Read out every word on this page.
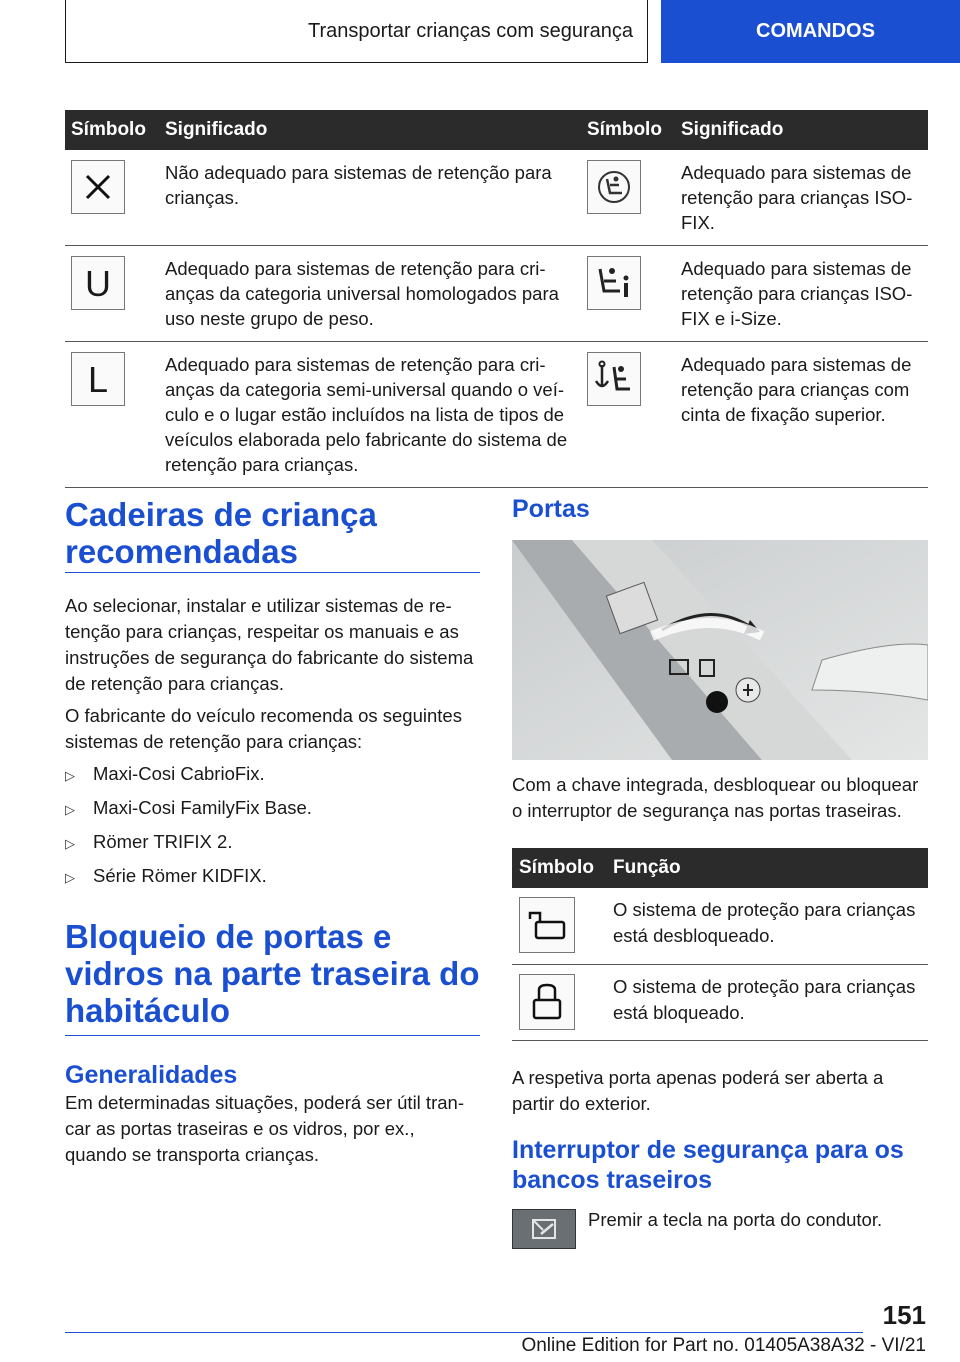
Transportar crianças com segurança	COMANDOS
Símbolo	Significado	Símbolo	Significado

	Não adequado para sistemas de retenção para crianças.		Adequado para sistemas de retenção para crianças ISOFIX.

U	Adequado para sistemas de retenção para crianças da categoria universal homologados para uso neste grupo de peso.		Adequado para sistemas de retenção para crianças ISOFIX e i-Size.

L	Adequado para sistemas de retenção para crianças da categoria semi-universal quando o veículo e o lugar estão incluídos na lista de tipos de veículos elaborada pelo fabricante do sistema de retenção para crianças.		Adequado para sistemas de retenção para crianças com cinta de fixação superior.
Cadeiras de criança recomendadas

Ao selecionar, instalar e utilizar sistemas de retenção para crianças, respeitar os manuais e as instruções de segurança do fabricante do sistema de retenção para crianças.

O fabricante do veículo recomenda os seguintes sistemas de retenção para crianças:

▷ Maxi-Cosi CabrioFix.
▷ Maxi-Cosi FamilyFix Base.
▷ Römer TRIFIX 2.
▷ Série Römer KIDFIX.
Bloqueio de portas e vidros na parte traseira do habitáculo
Generalidades

Em determinadas situações, poderá ser útil trancar as portas traseiras e os vidros, por ex., quando se transporta crianças.

Portas

Com a chave integrada, desbloquear ou bloquear o interruptor de segurança nas portas traseiras.

Símbolo	Função

	O sistema de proteção para crianças está desbloqueado.

	O sistema de proteção para crianças está bloqueado.

A respetiva porta apenas poderá ser aberta a partir do exterior.

Interruptor de segurança para os bancos traseiros

Premir a tecla na porta do condutor.

151
Online Edition for Part no. 01405A38A32 - VI/21
